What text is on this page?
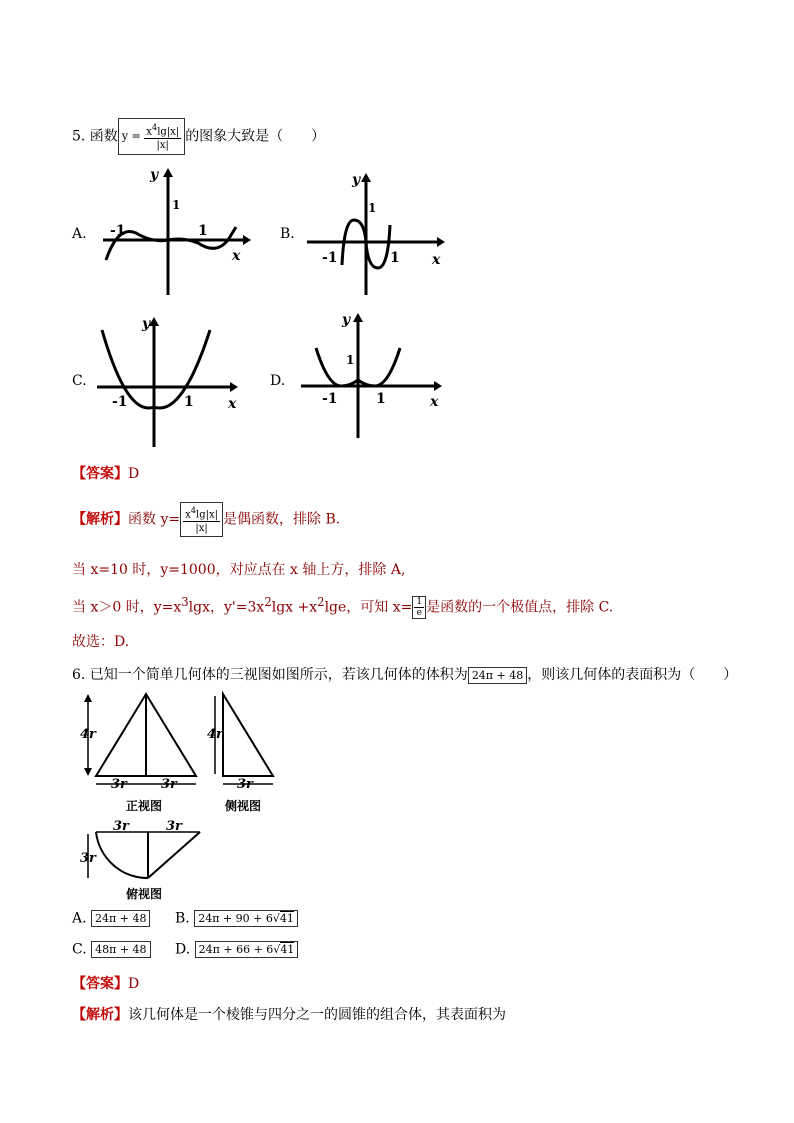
5. 函数 $y = \frac{x^4\lg|x|}{|x|}$ 的图象大致是（　　）
A. -1	1
y
x
1
B.
-1	1
1
y
x
C.
-1	1
y
x
D.
-1	1
1
y
x
【答案】D
【解析】函数 $y= \frac{x^4\lg|x|}{|x|}$ 是偶函数，排除 B.
当 x=10 时，y=1000，对应点在 x 轴上方，排除 A,
当 x＞0 时，$y=x^3\lg x$，$y'=3x^2\lg x +x^2\lg e$，可知 $x= \frac{1}{e}$ 是函数的一个极值点，排除 C.
故选：D.
6. 已知一个简单几何体的三视图如图所示，若该几何体的体积为 24π + 48 ，则该几何体的表面积为（　　）
4r
3r	3r
正视图
4r
3r
侧视图
3r	3r
3r
俯视图
A. 24π + 48 B. 24π + 90 + 6√41
C. 48π + 48 D. 24π + 66 + 6√41
【答案】D
【解析】该几何体是一个棱锥与四分之一的圆锥的组合体，其表面积为
